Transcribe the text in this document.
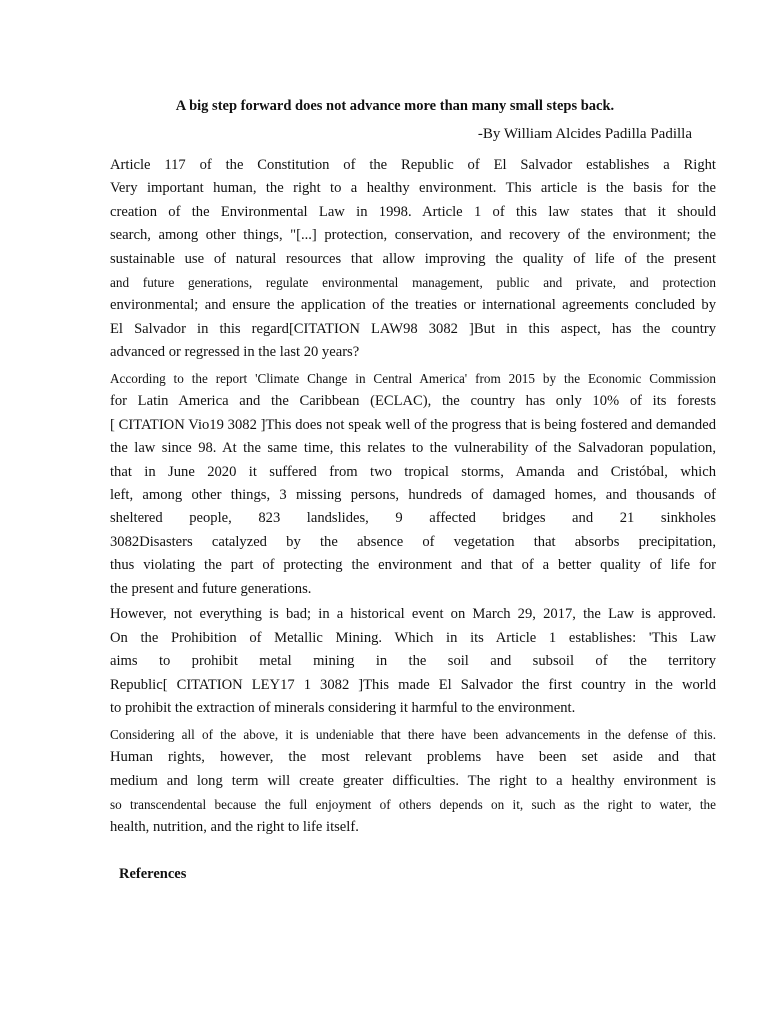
A big step forward does not advance more than many small steps back.
-By William Alcides Padilla Padilla
Article 117 of the Constitution of the Republic of El Salvador establishes a Right
Very important human, the right to a healthy environment. This article is the basis for the
creation of the Environmental Law in 1998. Article 1 of this law states that it should
search, among other things, "[...] protection, conservation, and recovery of the environment; the
sustainable use of natural resources that allow improving the quality of life of the present
and future generations, regulate environmental management, public and private, and protection
environmental; and ensure the application of the treaties or international agreements concluded by
El Salvador in this regard[CITATION LAW98 3082 ]But in this aspect, has the country
advanced or regressed in the last 20 years?
According to the report 'Climate Change in Central America' from 2015 by the Economic Commission
for Latin America and the Caribbean (ECLAC), the country has only 10% of its forests
[ CITATION Vio19 3082 ]This does not speak well of the progress that is being fostered and demanded
the law since 98. At the same time, this relates to the vulnerability of the Salvadoran population,
that in June 2020 it suffered from two tropical storms, Amanda and Cristóbal, which
left, among other things, 3 missing persons, hundreds of damaged homes, and thousands of
sheltered people, 823 landslides, 9 affected bridges and 21 sinkholes
3082Disasters catalyzed by the absence of vegetation that absorbs precipitation,
thus violating the part of protecting the environment and that of a better quality of life for
the present and future generations.
However, not everything is bad; in a historical event on March 29, 2017, the Law is approved.
On the Prohibition of Metallic Mining. Which in its Article 1 establishes: 'This Law
aims to prohibit metal mining in the soil and subsoil of the territory
Republic[ CITATION LEY17 1 3082 ]This made El Salvador the first country in the world
to prohibit the extraction of minerals considering it harmful to the environment.
Considering all of the above, it is undeniable that there have been advancements in the defense of this.
Human rights, however, the most relevant problems have been set aside and that
medium and long term will create greater difficulties. The right to a healthy environment is
so transcendental because the full enjoyment of others depends on it, such as the right to water, the
health, nutrition, and the right to life itself.
References
